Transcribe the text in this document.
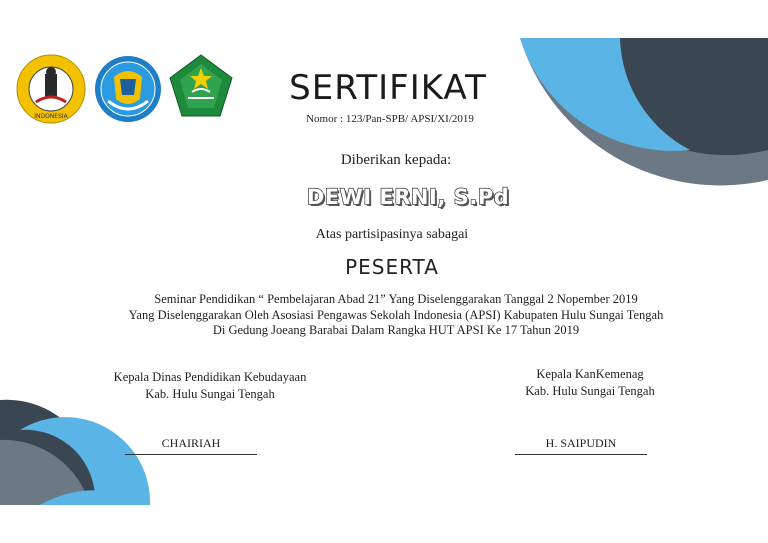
INDONESIA
SERTIFIKAT
Nomor : 123/Pan-SPB/ APSI/XI/2019
Diberikan kepada:
DEWI ERNI, S.Pd
Atas partisipasinya sabagai
PESERTA
Seminar Pendidikan “ Pembelajaran Abad 21” Yang Diselenggarakan Tanggal 2 Nopember 2019
Yang Diselenggarakan Oleh Asosiasi Pengawas Sekolah Indonesia (APSI) Kabupaten Hulu Sungai Tengah
Di Gedung Joeang Barabai Dalam Rangka HUT APSI Ke 17 Tahun 2019
Kepala Dinas Pendidikan Kebudayaan
Kab. Hulu Sungai Tengah
CHAIRIAH
Kepala KanKemenag
Kab. Hulu Sungai Tengah
H. SAIPUDIN
